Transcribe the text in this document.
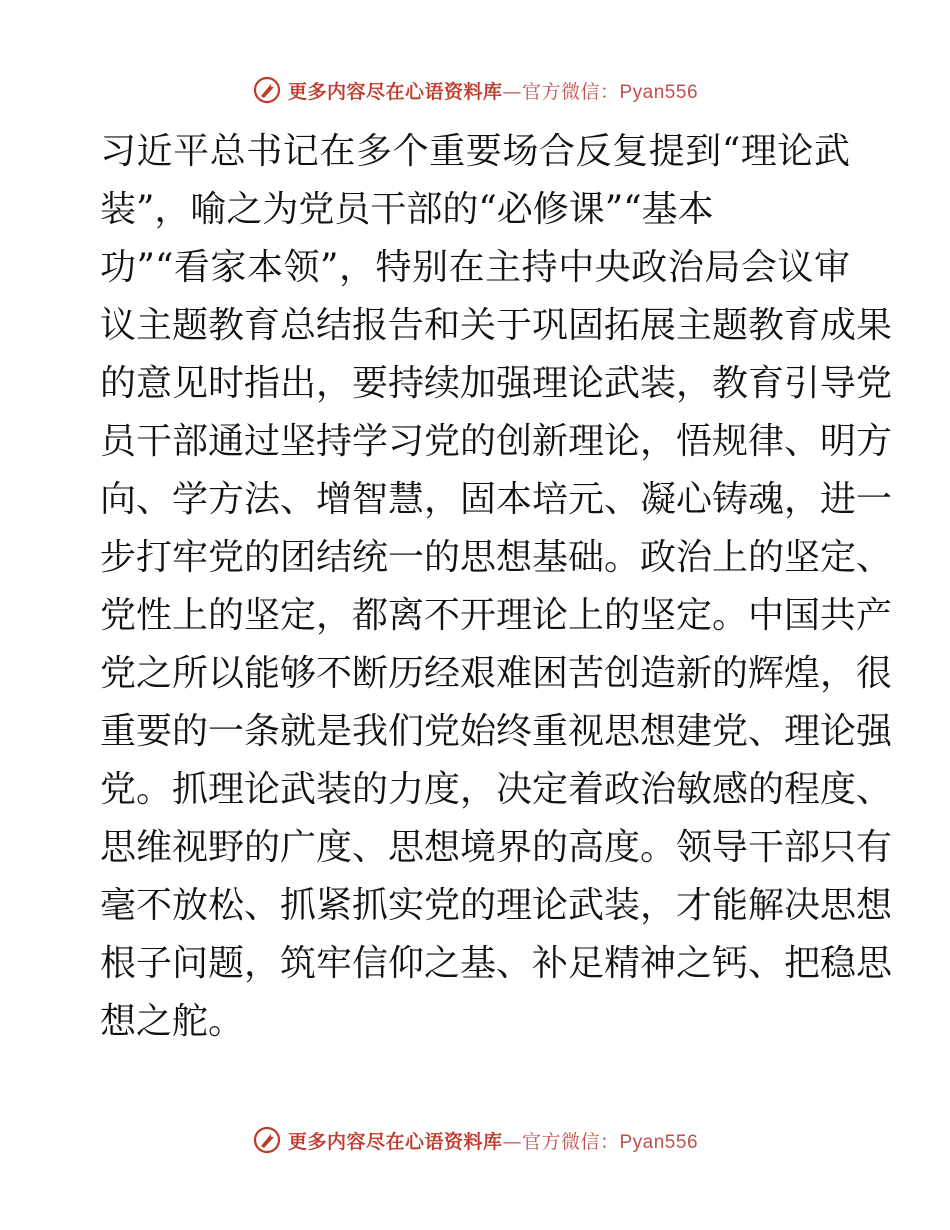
更多内容尽在心语资料库—官方微信：Pyan556
习近平总书记在多个重要场合反复提到“理论武
装”，喻之为党员干部的“必修课”“基本
功”“看家本领”，特别在主持中央政治局会议审
议主题教育总结报告和关于巩固拓展主题教育成果
的意见时指出，要持续加强理论武装，教育引导党
员干部通过坚持学习党的创新理论，悟规律、明方
向、学方法、增智慧，固本培元、凝心铸魂，进一
步打牢党的团结统一的思想基础。政治上的坚定、
党性上的坚定，都离不开理论上的坚定。中国共产
党之所以能够不断历经艰难困苦创造新的辉煌，很
重要的一条就是我们党始终重视思想建党、理论强
党。抓理论武装的力度，决定着政治敏感的程度、
思维视野的广度、思想境界的高度。领导干部只有
毫不放松、抓紧抓实党的理论武装，才能解决思想
根子问题，筑牢信仰之基、补足精神之钙、把稳思
想之舵。
更多内容尽在心语资料库—官方微信：Pyan556
